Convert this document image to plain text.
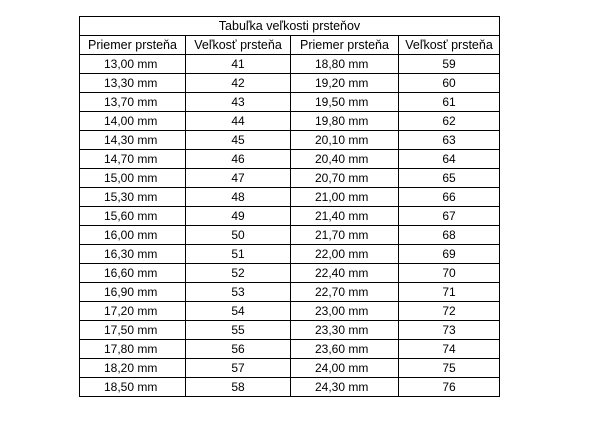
Tabuľka veľkosti prsteňov			
Priemer prsteňa	Veľkosť prsteňa	Priemer prsteňa	Veľkosť prsteňa
13,00 mm	41	18,80 mm	59
13,30 mm	42	19,20 mm	60
13,70 mm	43	19,50 mm	61
14,00 mm	44	19,80 mm	62
14,30 mm	45	20,10 mm	63
14,70 mm	46	20,40 mm	64
15,00 mm	47	20,70 mm	65
15,30 mm	48	21,00 mm	66
15,60 mm	49	21,40 mm	67
16,00 mm	50	21,70 mm	68
16,30 mm	51	22,00 mm	69
16,60 mm	52	22,40 mm	70
16,90 mm	53	22,70 mm	71
17,20 mm	54	23,00 mm	72
17,50 mm	55	23,30 mm	73
17,80 mm	56	23,60 mm	74
18,20 mm	57	24,00 mm	75
18,50 mm	58	24,30 mm	76
